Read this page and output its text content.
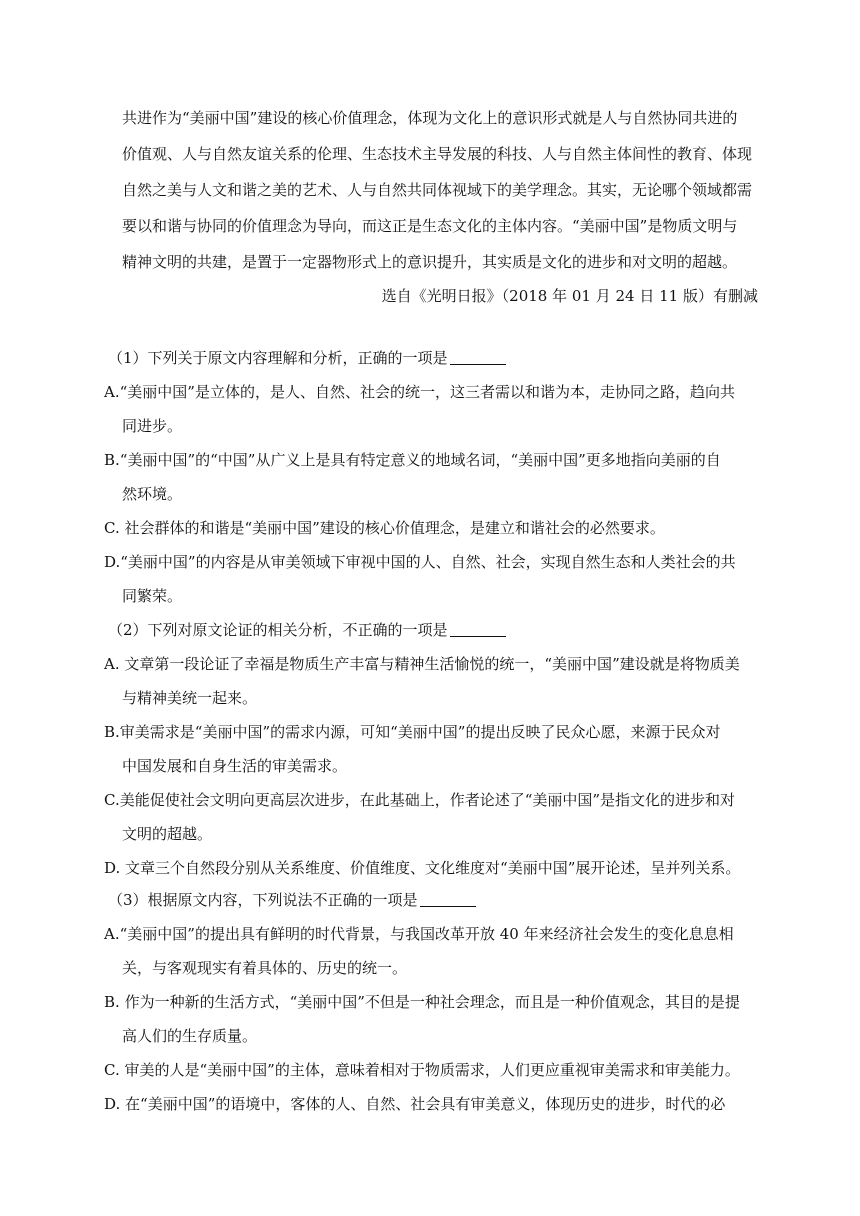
共进作为“美丽中国”建设的核心价值理念，体现为文化上的意识形式就是人与自然协同共进的
价值观、人与自然友谊关系的伦理、生态技术主导发展的科技、人与自然主体间性的教育、体现
自然之美与人文和谐之美的艺术、人与自然共同体视域下的美学理念。其实，无论哪个领域都需
要以和谐与协同的价值理念为导向，而这正是生态文化的主体内容。“美丽中国”是物质文明与
精神文明的共建，是置于一定器物形式上的意识提升，其实质是文化的进步和对文明的超越。
选自《光明日报》（2018 年 01 月 24 日 11 版）有删减
（1）下列关于原文内容理解和分析，正确的一项是
A.“美丽中国”是立体的，是人、自然、社会的统一，这三者需以和谐为本，走协同之路，趋向共
同进步。
B.“美丽中国”的“中国”从广义上是具有特定意义的地域名词，“美丽中国”更多地指向美丽的自
然环境。
C. 社会群体的和谐是“美丽中国”建设的核心价值理念，是建立和谐社会的必然要求。
D.“美丽中国”的内容是从审美领域下审视中国的人、自然、社会，实现自然生态和人类社会的共
同繁荣。
（2）下列对原文论证的相关分析，不正确的一项是
A. 文章第一段论证了幸福是物质生产丰富与精神生活愉悦的统一，“美丽中国”建设就是将物质美
与精神美统一起来。
B.审美需求是“美丽中国”的需求内源，可知“美丽中国”的提出反映了民众心愿，来源于民众对
中国发展和自身生活的审美需求。
C.美能促使社会文明向更高层次进步，在此基础上，作者论述了“美丽中国”是指文化的进步和对
文明的超越。
D. 文章三个自然段分别从关系维度、价值维度、文化维度对“美丽中国”展开论述，呈并列关系。
（3）根据原文内容，下列说法不正确的一项是
A.“美丽中国”的提出具有鲜明的时代背景，与我国改革开放 40 年来经济社会发生的变化息息相
关，与客观现实有着具体的、历史的统一。
B. 作为一种新的生活方式，“美丽中国”不但是一种社会理念，而且是一种价值观念，其目的是提
高人们的生存质量。
C. 审美的人是“美丽中国”的主体，意味着相对于物质需求，人们更应重视审美需求和审美能力。
D. 在“美丽中国”的语境中，客体的人、自然、社会具有审美意义，体现历史的进步，时代的必
